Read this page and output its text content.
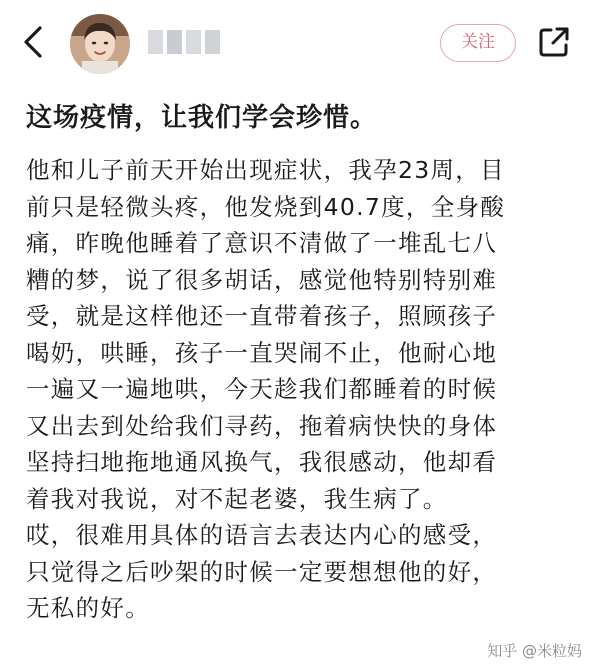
关注
这场疫情，让我们学会珍惜。
他和儿子前天开始出现症状，我孕23周，目
前只是轻微头疼，他发烧到40.7度，全身酸
痛，昨晚他睡着了意识不清做了一堆乱七八
糟的梦，说了很多胡话，感觉他特别特别难
受，就是这样他还一直带着孩子，照顾孩子
喝奶，哄睡，孩子一直哭闹不止，他耐心地
一遍又一遍地哄，今天趁我们都睡着的时候
又出去到处给我们寻药，拖着病快快的身体
坚持扫地拖地通风换气，我很感动，他却看
着我对我说，对不起老婆，我生病了。
哎，很难用具体的语言去表达内心的感受，
只觉得之后吵架的时候一定要想想他的好，
无私的好。
知乎 @米粒妈
